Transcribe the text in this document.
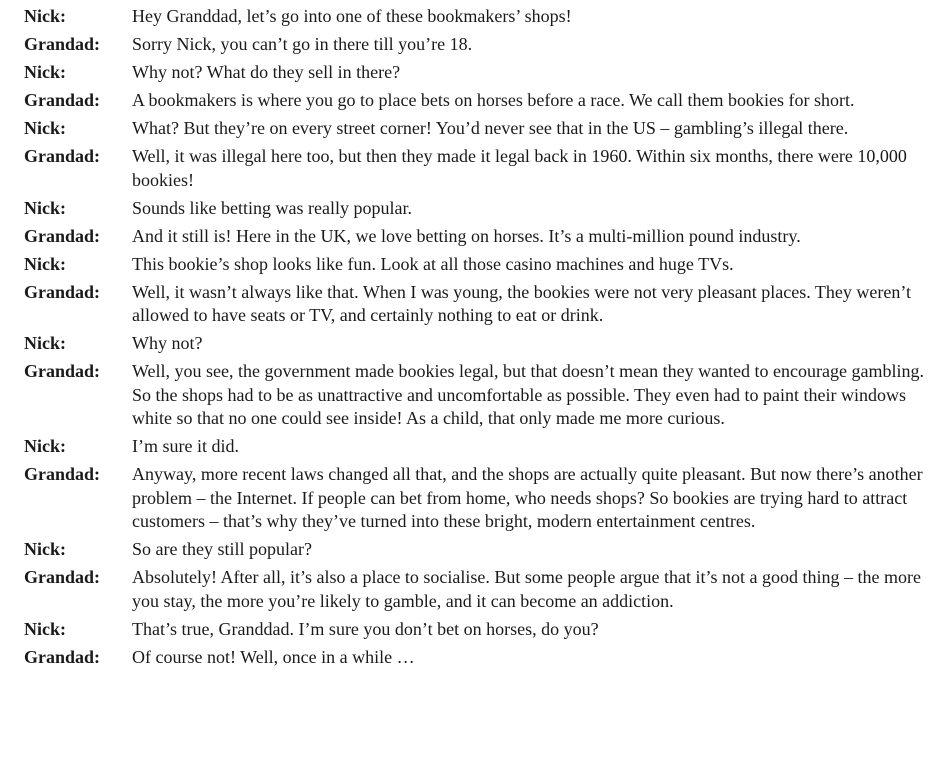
Nick:	Hey Granddad, let’s go into one of these bookmakers’ shops!
Grandad:	Sorry Nick, you can’t go in there till you’re 18.
Nick:	Why not? What do they sell in there?
Grandad:	A bookmakers is where you go to place bets on horses before a race. We call them bookies for short.
Nick:	What? But they’re on every street corner! You’d never see that in the US – gambling’s illegal there.
Grandad:	Well, it was illegal here too, but then they made it legal back in 1960. Within six months, there were 10,000 bookies!
Nick:	Sounds like betting was really popular.
Grandad:	And it still is! Here in the UK, we love betting on horses. It’s a multi-million pound industry.
Nick:	This bookie’s shop looks like fun. Look at all those casino machines and huge TVs.
Grandad:	Well, it wasn’t always like that. When I was young, the bookies were not very pleasant places. They weren’t allowed to have seats or TV, and certainly nothing to eat or drink.
Nick:	Why not?
Grandad:	Well, you see, the government made bookies legal, but that doesn’t mean they wanted to encourage gambling. So the shops had to be as unattractive and uncomfortable as possible. They even had to paint their windows white so that no one could see inside! As a child, that only made me more curious.
Nick:	I’m sure it did.
Grandad:	Anyway, more recent laws changed all that, and the shops are actually quite pleasant. But now there’s another problem – the Internet. If people can bet from home, who needs shops? So bookies are trying hard to attract customers – that’s why they’ve turned into these bright, modern entertainment centres.
Nick:	So are they still popular?
Grandad:	Absolutely! After all, it’s also a place to socialise. But some people argue that it’s not a good thing – the more you stay, the more you’re likely to gamble, and it can become an addiction.
Nick:	That’s true, Granddad. I’m sure you don’t bet on horses, do you?
Grandad:	Of course not! Well, once in a while …
